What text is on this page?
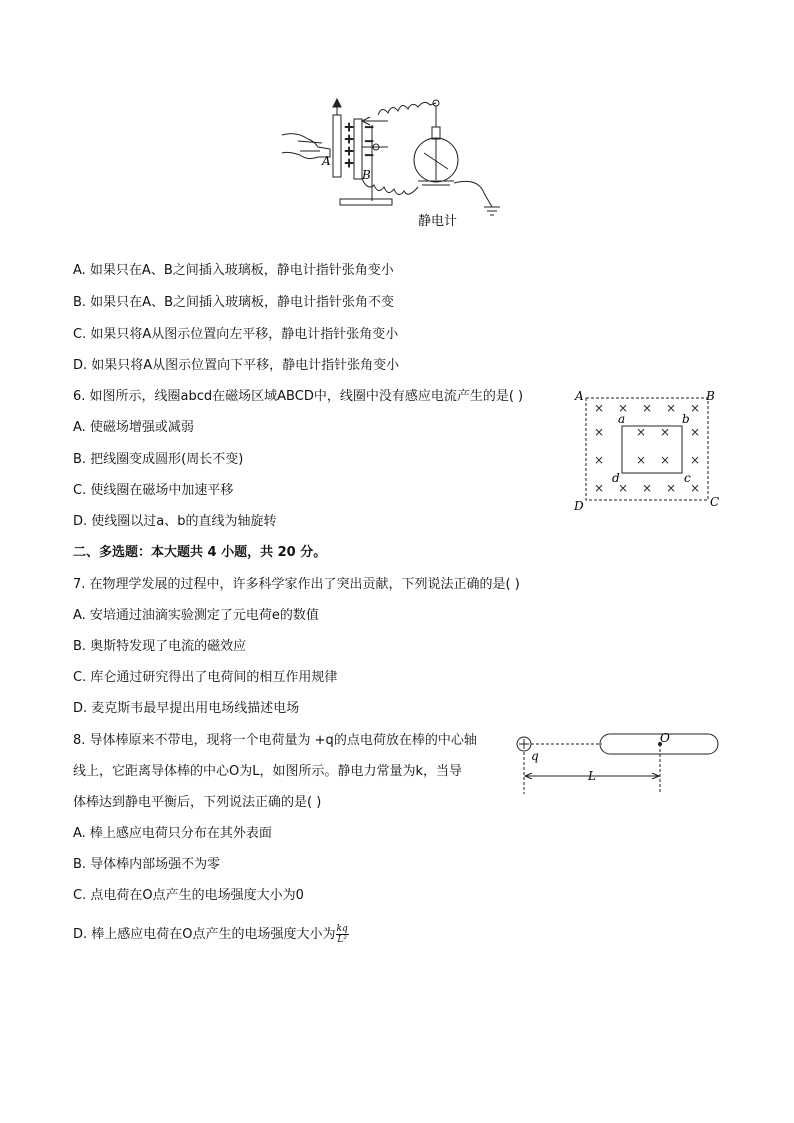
+
+
+
+
−
−
−
A
B
静电计
A. 如果只在A、B之间插入玻璃板，静电计指针张角变小
B. 如果只在A、B之间插入玻璃板，静电计指针张角不变
C. 如果只将A从图示位置向左平移，静电计指针张角变小
D. 如果只将A从图示位置向下平移，静电计指针张角变小
6. 如图所示，线圈abcd在磁场区域ABCD中，线圈中没有感应电流产生的是( )
A. 使磁场增强或减弱
B. 把线圈变成圆形(周长不变)
C. 使线圈在磁场中加速平移
D. 使线圈以过a、b的直线为轴旋转
× × × × ×
×
×
×
×
×
×
×
×
× × × × ×
A	B
C
D
a	b
c
d
二、多选题：本大题共 4 小题，共 20 分。
7. 在物理学发展的过程中，许多科学家作出了突出贡献，下列说法正确的是( )
A. 安培通过油滴实验测定了元电荷e的数值
B. 奥斯特发现了电流的磁效应
C. 库仑通过研究得出了电荷间的相互作用规律
D. 麦克斯韦最早提出用电场线描述电场
8. 导体棒原来不带电，现将一个电荷量为 +q的点电荷放在棒的中心轴
线上，它距离导体棒的中心O为L，如图所示。静电力常量为k，当导
体棒达到静电平衡后，下列说法正确的是( )
q
O
L
A. 棒上感应电荷只分布在其外表面
B. 导体棒内部场强不为零
C. 点电荷在O点产生的电场强度大小为0
D. 棒上感应电荷在O点产生的电场强度大小为 $\frac{kq}{\text{L²}}$
